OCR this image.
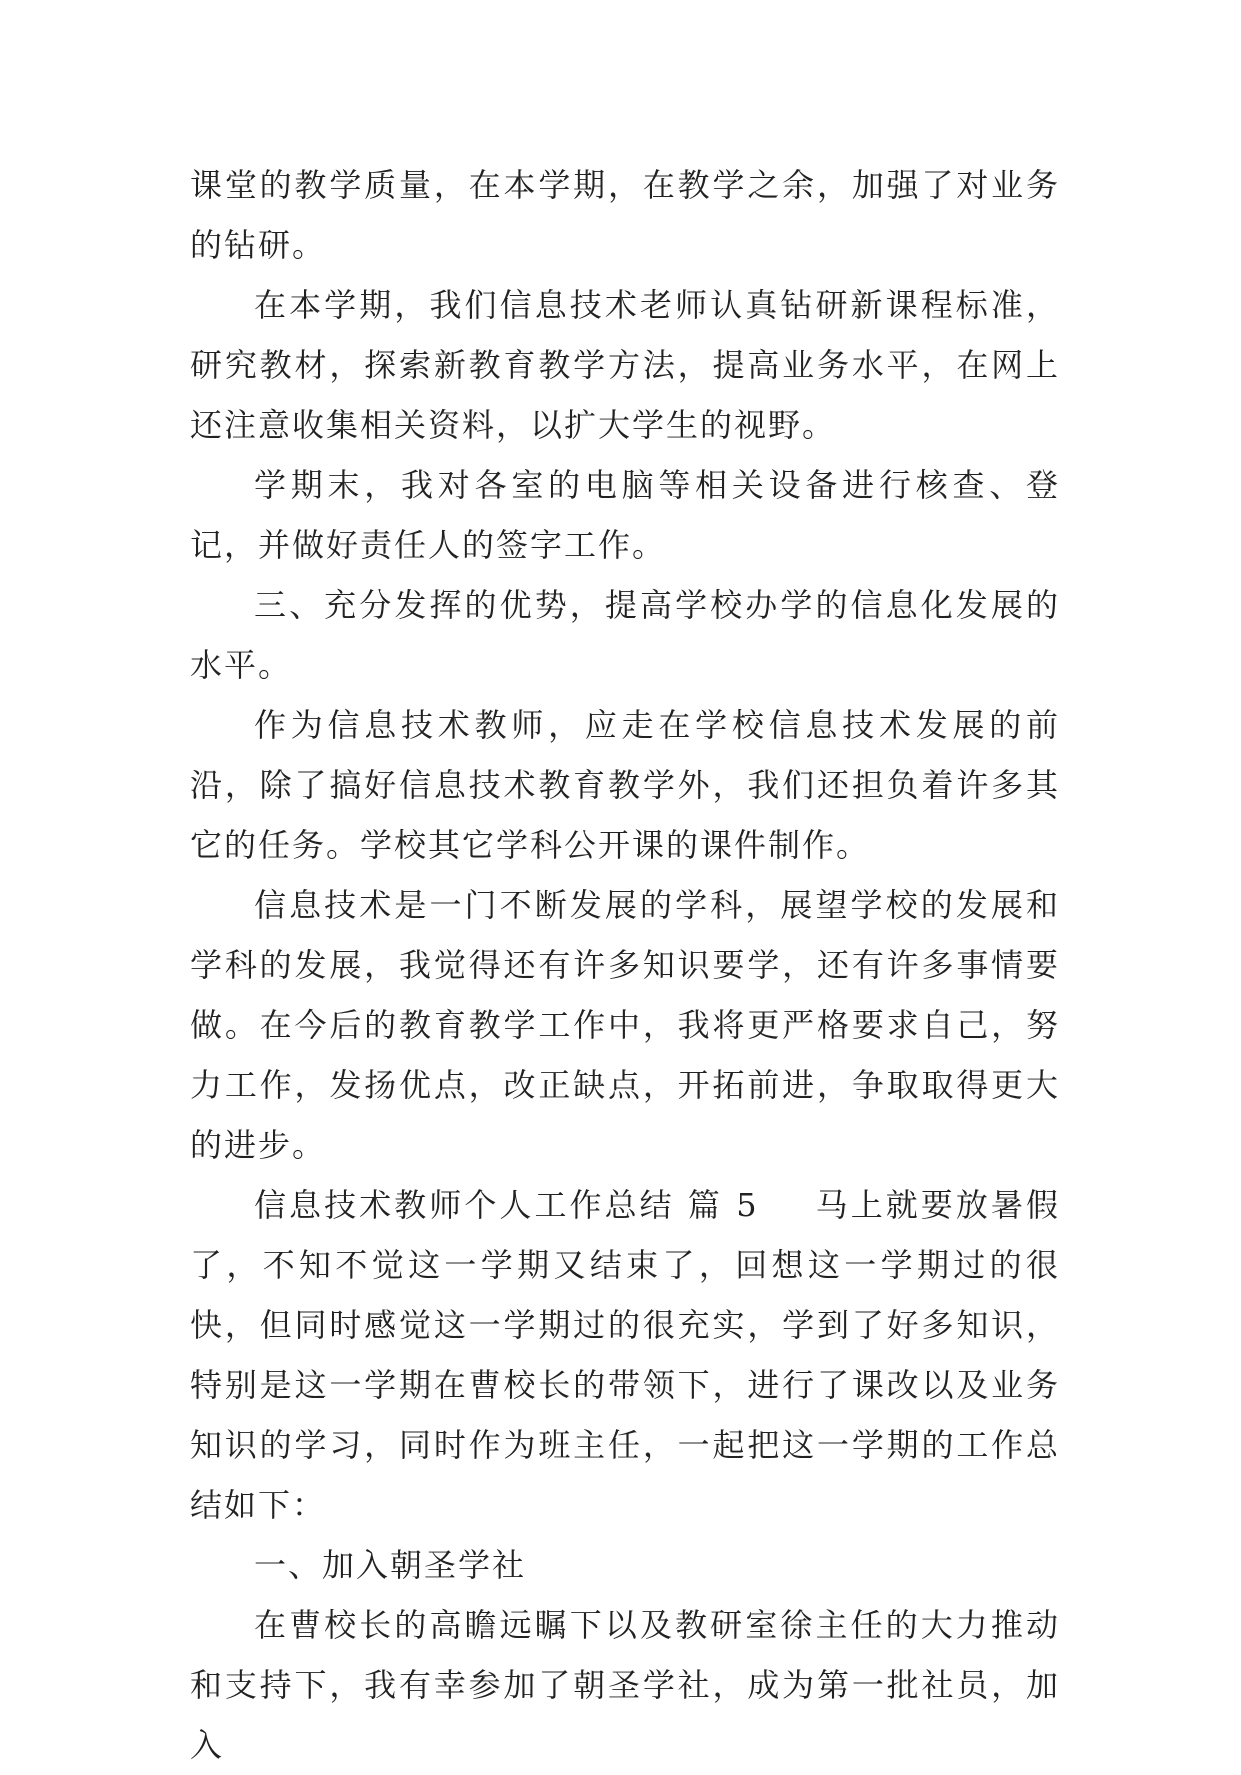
课堂的教学质量，在本学期，在教学之余，加强了对业务的钻研。

在本学期，我们信息技术老师认真钻研新课程标准，研究教材，探索新教育教学方法，提高业务水平，在网上还注意收集相关资料，以扩大学生的视野。

学期末，我对各室的电脑等相关设备进行核查、登记，并做好责任人的签字工作。

三、充分发挥的优势，提高学校办学的信息化发展的水平。

作为信息技术教师，应走在学校信息技术发展的前沿，除了搞好信息技术教育教学外，我们还担负着许多其它的任务。学校其它学科公开课的课件制作。

信息技术是一门不断发展的学科，展望学校的发展和学科的发展，我觉得还有许多知识要学，还有许多事情要做。在今后的教育教学工作中，我将更严格要求自己，努力工作，发扬优点，改正缺点，开拓前进，争取取得更大的进步。

信息技术教师个人工作总结 篇 5 马上就要放暑假了，不知不觉这一学期又结束了，回想这一学期过的很快，但同时感觉这一学期过的很充实，学到了好多知识，特别是这一学期在曹校长的带领下，进行了课改以及业务知识的学习，同时作为班主任，一起把这一学期的工作总结如下：

一、加入朝圣学社

在曹校长的高瞻远瞩下以及教研室徐主任的大力推动和支持下，我有幸参加了朝圣学社，成为第一批社员，加入
